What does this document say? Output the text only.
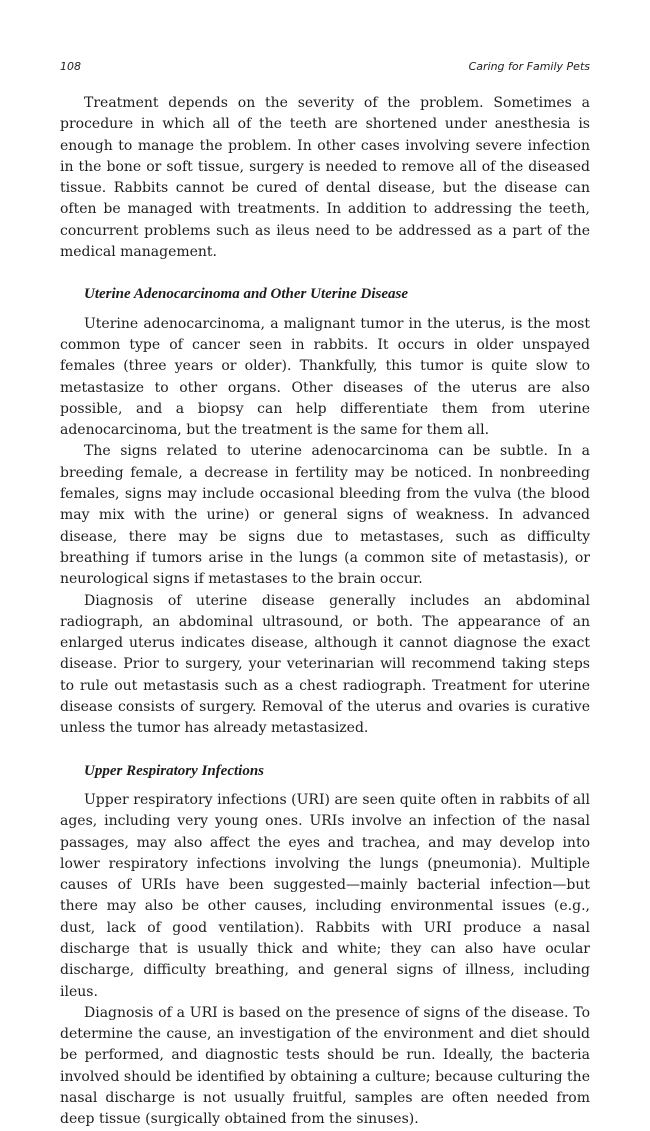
108	Caring for Family Pets

Treatment depends on the severity of the problem. Sometimes a procedure in which all of the teeth are shortened under anesthesia is enough to manage the problem. In other cases involving severe infection in the bone or soft tissue, surgery is needed to remove all of the diseased tissue. Rabbits cannot be cured of dental disease, but the disease can often be managed with treatments. In addition to addressing the teeth, concurrent problems such as ileus need to be addressed as a part of the medical management.

Uterine Adenocarcinoma and Other Uterine Disease

Uterine adenocarcinoma, a malignant tumor in the uterus, is the most common type of cancer seen in rabbits. It occurs in older unspayed females (three years or older). Thankfully, this tumor is quite slow to metastasize to other organs. Other diseases of the uterus are also possible, and a biopsy can help differentiate them from uterine adenocarcinoma, but the treatment is the same for them all.

The signs related to uterine adenocarcinoma can be subtle. In a breeding female, a decrease in fertility may be noticed. In nonbreeding females, signs may include occasional bleeding from the vulva (the blood may mix with the urine) or general signs of weakness. In advanced disease, there may be signs due to metastases, such as difficulty breathing if tumors arise in the lungs (a common site of metastasis), or neurological signs if metastases to the brain occur.

Diagnosis of uterine disease generally includes an abdominal radiograph, an abdominal ultrasound, or both. The appearance of an enlarged uterus indicates disease, although it cannot diagnose the exact disease. Prior to surgery, your veterinarian will recommend taking steps to rule out metastasis such as a chest radiograph. Treatment for uterine disease consists of surgery. Removal of the uterus and ovaries is curative unless the tumor has already metastasized.

Upper Respiratory Infections

Upper respiratory infections (URI) are seen quite often in rabbits of all ages, including very young ones. URIs involve an infection of the nasal passages, may also affect the eyes and trachea, and may develop into lower respiratory infections involving the lungs (pneumonia). Multiple causes of URIs have been suggested—mainly bacterial infection—but there may also be other causes, including environmental issues (e.g., dust, lack of good ventilation). Rabbits with URI produce a nasal discharge that is usually thick and white; they can also have ocular discharge, difficulty breathing, and general signs of illness, including ileus.

Diagnosis of a URI is based on the presence of signs of the disease. To determine the cause, an investigation of the environment and diet should be performed, and diagnostic tests should be run. Ideally, the bacteria involved should be identified by obtaining a culture; because culturing the nasal discharge is not usually fruitful, samples are often needed from deep tissue (surgically obtained from the sinuses).
